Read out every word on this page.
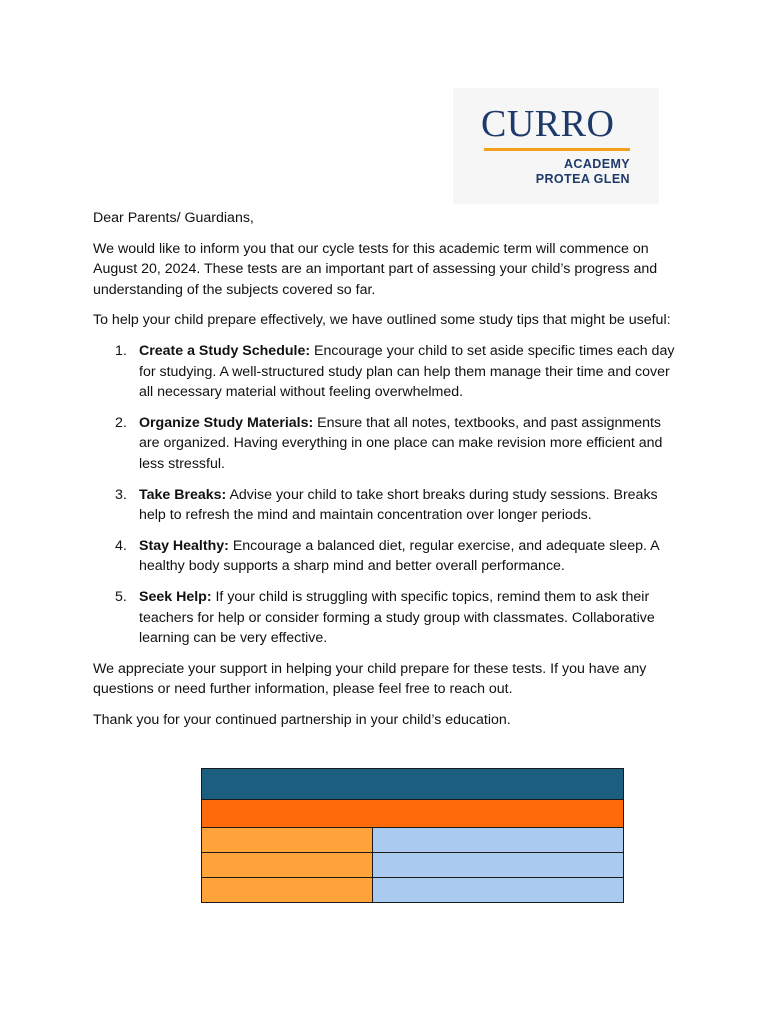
CURRO
ACADEMY
PROTEA GLEN

Dear Parents/ Guardians,

We would like to inform you that our cycle tests for this academic term will commence on August 20, 2024. These tests are an important part of assessing your child’s progress and understanding of the subjects covered so far.

To help your child prepare effectively, we have outlined some study tips that might be useful:

1. Create a Study Schedule: Encourage your child to set aside specific times each day for studying. A well-structured study plan can help them manage their time and cover all necessary material without feeling overwhelmed.
2. Organize Study Materials: Ensure that all notes, textbooks, and past assignments are organized. Having everything in one place can make revision more efficient and less stressful.
3. Take Breaks: Advise your child to take short breaks during study sessions. Breaks help to refresh the mind and maintain concentration over longer periods.
4. Stay Healthy: Encourage a balanced diet, regular exercise, and adequate sleep. A healthy body supports a sharp mind and better overall performance.
5. Seek Help: If your child is struggling with specific topics, remind them to ask their teachers for help or consider forming a study group with classmates. Collaborative learning can be very effective.

We appreciate your support in helping your child prepare for these tests. If you have any questions or need further information, please feel free to reach out.

Thank you for your continued partnership in your child’s education.
